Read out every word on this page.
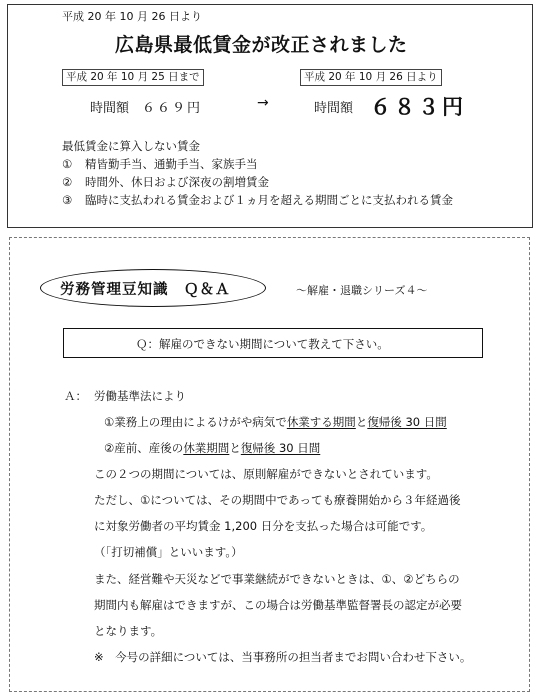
平成 20 年 10 月 26 日より
広島県最低賃金が改正されました
平成 20 年 10 月 25 日まで	平成 20 年 10 月 26 日より
時間額 ６６９円	→	時間額 ６８３円
最低賃金に算入しない賃金
① 精皆勤手当、通勤手当、家族手当
② 時間外、休日および深夜の割増賃金
③ 臨時に支払われる賃金および１ヵ月を超える期間ごとに支払われる賃金
労務管理豆知識　Ｑ＆Ａ	～解雇・退職シリーズ４～
Ｑ：解雇のできない期間について教えて下さい。
Ａ： 労働基準法により
①業務上の理由によるけがや病気で休業する期間と復帰後 30 日間
②産前、産後の休業期間と復帰後 30 日間
この２つの期間については、原則解雇ができないとされています。
ただし、①については、その期間中であっても療養開始から３年経過後
に対象労働者の平均賃金 1,200 日分を支払った場合は可能です。
（「打切補償」といいます。）
また、経営難や天災などで事業継続ができないときは、①、②どちらの
期間内も解雇はできますが、この場合は労働基準監督署長の認定が必要
となります。
※　今号の詳細については、当事務所の担当者までお問い合わせ下さい。
